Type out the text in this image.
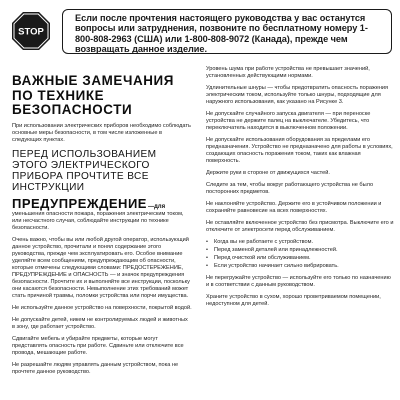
STOP

Если после прочтения настоящего руководства у вас останутся вопросы или затруднения, позвоните по бесплатному номеру 1-800-808-2963 (США) или 1-800-808-9072 (Канада), прежде чем возвращать данное изделие.

ВАЖНЫЕ ЗАМЕЧАНИЯ ПО ТЕХНИКЕ БЕЗОПАСНОСТИ

При использовании электрических приборов необходимо соблюдать основные меры безопасности, в том числе изложенные в следующих пунктах.

ПЕРЕД ИСПОЛЬЗОВАНИЕМ ЭТОГО ЭЛЕКТРИЧЕСКОГО ПРИБОРА ПРОЧТИТЕ ВСЕ ИНСТРУКЦИИ
ПРЕДУПРЕЖДЕНИЕ —для

уменьшения опасности пожара, поражения электрическим током, или несчастного случая, соблюдайте инструкции по технике безопасности.

Очень важно, чтобы вы или любой другой оператор, использующий данное устройство, прочитали и понял содержание этого руководства, прежде чем эксплуатировать его. Особое внимание уделяйте всем сообщениям, предупреждающим об опасности, которые отмечены следующими словами: ПРЕДОСТЕРЕЖЕНИЕ, ПРЕДУПРЕЖДЕНИЕ и ОПАСНОСТЬ — и значок предупреждения безопасности. Прочтите их и выполняйте все инструкции, поскольку они касаются безопасности. Невыполнение этих требований может стать причиной травмы, поломки устройства или порчи имущества.

Не используйте данное устройство на поверхности, покрытой водой.

Не допускайте детей, никем не контролируемых людей и животных в зону, где работает устройство.

Сдвигайте мебель и убирайте предметы, которые могут представлять опасность при работе. Сдвиньте или отключите все провода, мешающие работе.

Не разрешайте людям управлять данным устройством, пока не прочтете данное руководство.

Уровень шума при работе устройства не превышает значений, установленных действующими нормами.

Удлинительные шнуры — чтобы предотвратить опасность поражения электрическим током, используйте только шнуры, подходящие для наружного использования, как указано на Рисунке 3.

Не допускайте случайного запуска двигателя — при переноске устройства не держите палец на выключателе. Убедитесь, что переключатель находится в выключенном положении.

Не допускайте использования оборудования за пределами его предназначения. Устройство не предназначено для работы в условиях, создающих опасность поражения током, таких как влажная поверхность.

Держите руки в стороне от движущихся частей.

Следите за тем, чтобы вокруг работающего устройства не было посторонних предметов.

Не наклоняйте устройство. Держите его в устойчивом положении и сохраняйте равновесие на всех поверхностях.

Не оставляйте включенное устройство без присмотра. Выключите его и отключите от электросети перед обслуживанием.

•	Когда вы не работаете с устройством.
•	Перед заменой деталей или принадлежностей.
•	Перед очисткой или обслуживанием.
•	Если устройство начинает сильно вибрировать.

Не перегружайте устройство — используйте его только по назначению и в соответствии с данным руководством.

Храните устройство в сухом, хорошо проветриваемом помещении, недоступном для детей.
